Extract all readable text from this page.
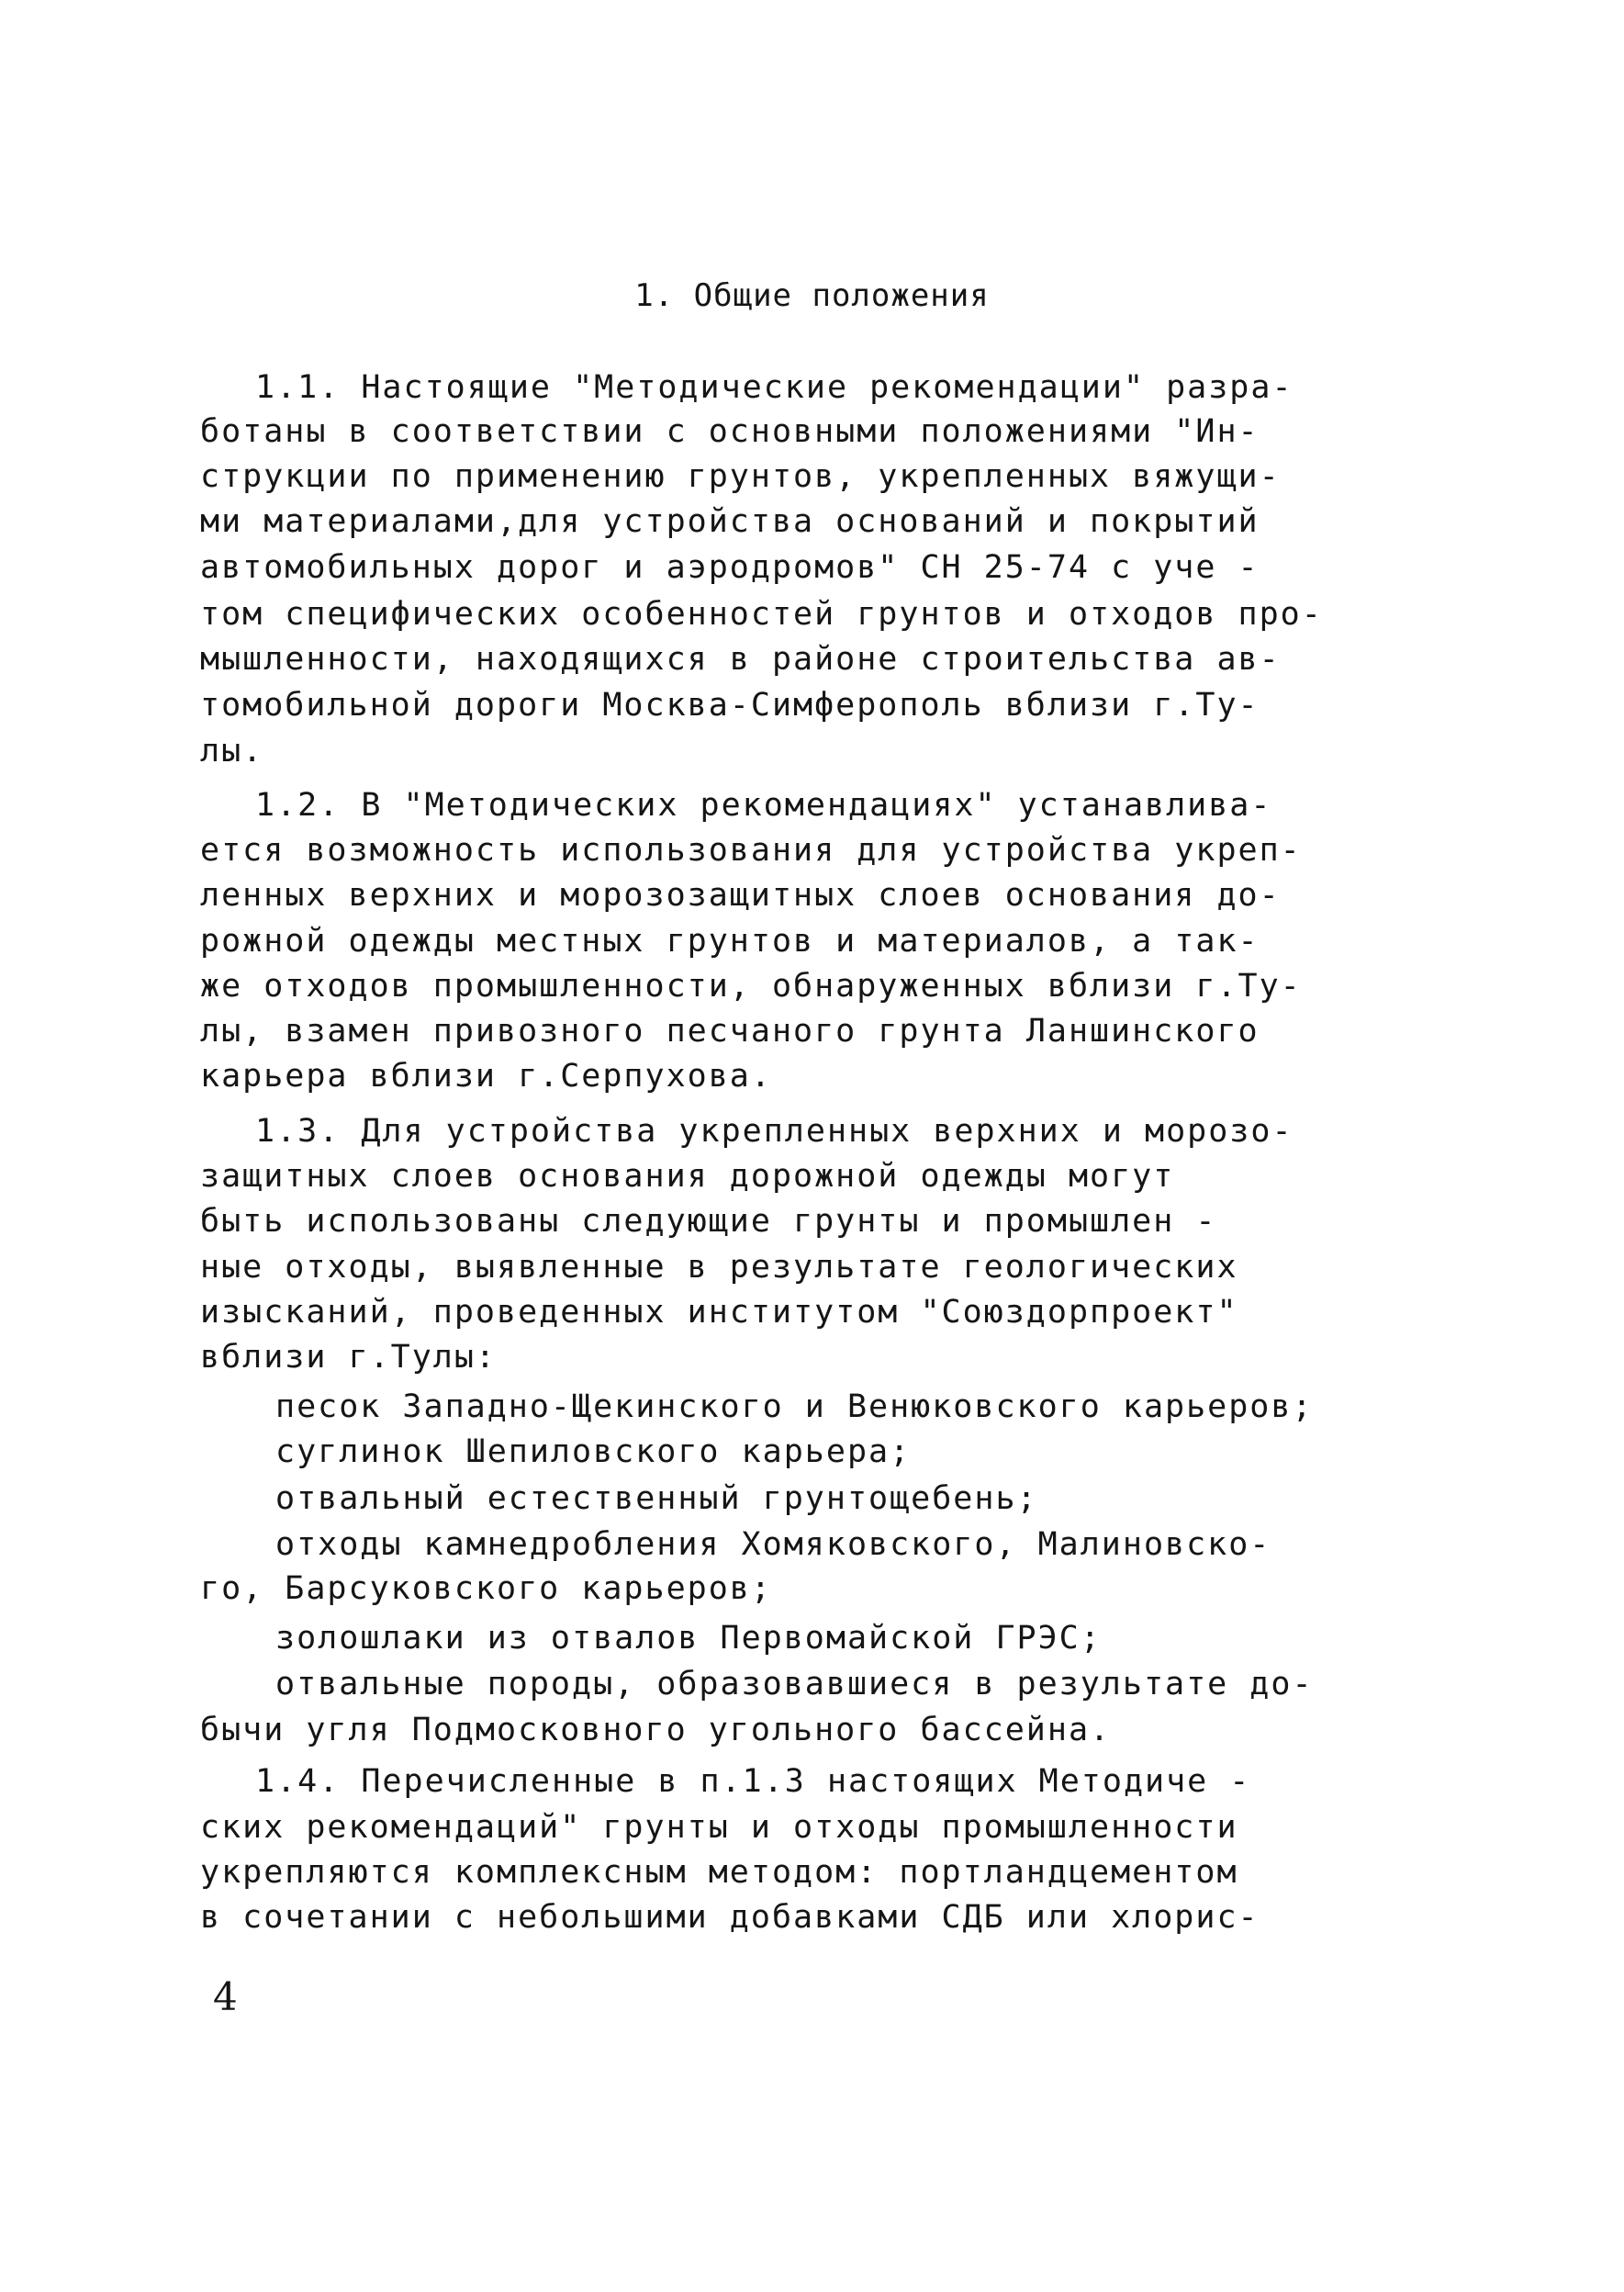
1. Общие положения
1.1. Настоящие "Методические рекомендации" разра-
ботаны в соответствии с основными положениями "Ин-
струкции по применению грунтов, укрепленных вяжущи-
ми материалами,для устройства оснований и покрытий
автомобильных дорог и аэродромов" СН 25-74 с уче -
том специфических особенностей грунтов и отходов про-
мышленности, находящихся в районе строительства ав-
томобильной дороги Москва-Симферополь вблизи г.Ту-
лы.
1.2. В "Методических рекомендациях" устанавлива-
ется возможность использования для устройства укреп-
ленных верхних и морозозащитных слоев основания до-
рожной одежды местных грунтов и материалов, а так-
же отходов промышленности, обнаруженных вблизи г.Ту-
лы, взамен привозного песчаного грунта Ланшинского
карьера вблизи г.Серпухова.
1.3. Для устройства укрепленных верхних и морозо-
защитных слоев основания дорожной одежды могут
быть использованы следующие грунты и промышлен -
ные отходы, выявленные в результате геологических
изысканий, проведенных институтом "Союздорпроект"
вблизи г.Тулы:
песок Западно-Щекинского и Венюковского карьеров;
суглинок Шепиловского карьера;
отвальный естественный грунтощебень;
отходы камнедробления Хомяковского, Малиновско-
го, Барсуковского карьеров;
золошлаки из отвалов Первомайской ГРЭС;
отвальные породы, образовавшиеся в результате до-
бычи угля Подмосковного угольного бассейна.
1.4. Перечисленные в п.1.3 настоящих Методиче -
ских рекомендаций" грунты и отходы промышленности
укрепляются комплексным методом: портландцементом
в сочетании с небольшими добавками СДБ или хлорис-
4
